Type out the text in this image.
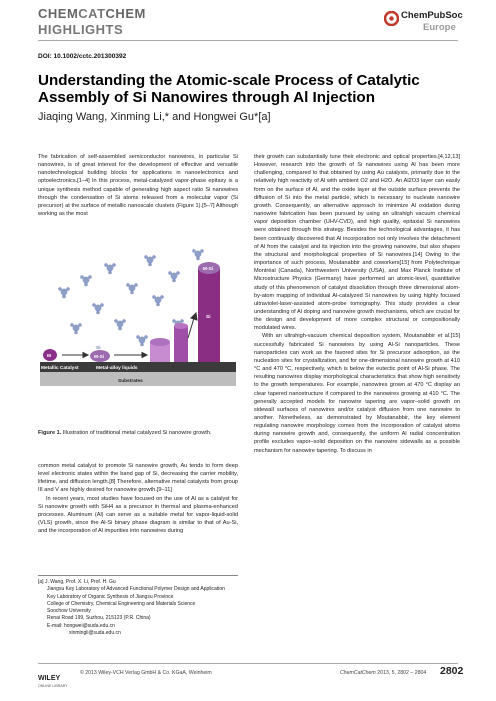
CHEMCATCHEM
HIGHLIGHTS
ChemPubSoc
Europe
DOI: 10.1002/cctc.201300392
Understanding the Atomic-scale Process of Catalytic Assembly of Si Nanowires through Al Injection
Jiaqing Wang, Xinming Li,* and Hongwei Gu*[a]

The fabrication of self-assembled semiconductor nanowires, in particular Si nanowires, is of great interest for the development of effective and versatile nanotechnological building blocks for applications in nanoelectronics and optoelectronics.[1–4] In this process, metal-catalyzed vapor-phase epitaxy is a unique synthesis method capable of generating high aspect ratio Si nanowires through the condensation of Si atoms released from a molecular vapor (Si precursor) at the surface of metallic nanoscale clusters (Figure 1).[5–7] Although working as the most

M	M-Si
Si
M-Si
Si
Metallic Catalyst	Metal-alloy liquids
Substrates
Figure 1. Illustration of traditional metal catalyzed Si nanowire growth.

common metal catalyst to promote Si nanowire growth, Au tends to form deep level electronic states within the band gap of Si, decreasing the carrier mobility, lifetime, and diffusion length.[8] Therefore, alternative metal catalysts from group III and V are highly desired for nanowire growth.[9–11]

In recent years, most studies have focused on the use of Al as a catalyst for Si nanowire growth with SiH4 as a precursor in thermal and plasma-enhanced processes. Aluminum (Al) can serve as a suitable metal for vapor-liquid-solid (VLS) growth, since the Al-Si binary phase diagram is similar to that of Au-Si, and the incorporation of Al impurities into nanowires during

[a] J. Wang, Prof. X. Li, Prof. H. Gu
Jiangsu Key Laboratory of Advanced Functional Polymer Design and Application
Key Laboratory of Organic Synthesis of Jiangsu Province
College of Chemistry, Chemical Engineering and Materials Science
Soochow University
Renai Road 199, Suzhou, 215123 (P.R. China)
E-mail: hongwei@suda.edu.cn
xinmingli@suda.edu.cn

their growth can substantially tune their electronic and optical properties.[4,12,13] However, research into the growth of Si nanowires using Al has been more challenging, compared to that obtained by using Au catalysts, primarily due to the relatively high reactivity of Al with ambient O2 and H2O. An Al2O3 layer can easily form on the surface of Al, and the oxide layer at the outside surface prevents the diffusion of Si into the metal particle, which is necessary to nucleate nanowire growth. Consequently, an alternative approach to minimize Al oxidation during nanowire fabrication has been pursued by using an ultrahigh vacuum chemical vapor deposition chamber (UHV-CVD), and high quality, epitaxial Si nanowires were obtained through this strategy. Besides the technological advantages, it has been continually discovered that Al incorporation not only involves the detachment of Al from the catalyst and its injection into the growing nanowire, but also shapes the structural and morphological properties of Si nanowires.[14] Owing to the importance of such process, Moutanabbir and coworkers[15] from Polytechnique Montréal (Canada), Northwestern University (USA), and Max Planck Institute of Microstructure Physics (Germany) have performed an atomic-level, quantitative study of this phenomenon of catalyst dissolution through three dimensional atom-by-atom mapping of individual Al-catalyzed Si nanowires by using highly focused ultraviolet-laser-assisted atom-probe tomography. This study provides a clear understanding of Al doping and nanowire growth mechanisms, which are crucial for the design and development of more complex structural or compositionally modulated wires.

With an ultrahigh-vacuum chemical deposition system, Moutanabbir et al.[15] successfully fabricated Si nanowires by using Al-Si nanoparticles. These nanoparticles can work as the favored sites for Si precursor adsorption, as the nucleation sites for crystallization, and for one-dimensional nanowire growth at 410 °C and 470 °C, respectively, which is below the eutectic point of Al-Si phase. The resulting nanowires display morphological characteristics that show high sensitivity to the growth temperatures. For example, nanowires grown at 470 °C display an clear tapered nanostructure if compared to the nanowires growing at 410 °C. The generally accepted models for nanowire tapering are vapor–solid growth on sidewall surfaces of nanowires and/or catalyst diffusion from one nanowire to another. Nonetheless, as demonstrated by Moutanabbir, the key element regulating nanowire morphology comes from the incorporation of catalyst atoms during nanowire growth and, consequently, the uniform Al radial concentration profile excludes vapor–solid deposition on the nanowire sidewalls as a possible mechanism for nanowire tapering. To discuss in

WILEY
ONLINE LIBRARY
© 2013 Wiley-VCH Verlag GmbH & Co. KGaA, Weinheim	ChemCatChem 2013, 5, 2802 – 2804 2802
